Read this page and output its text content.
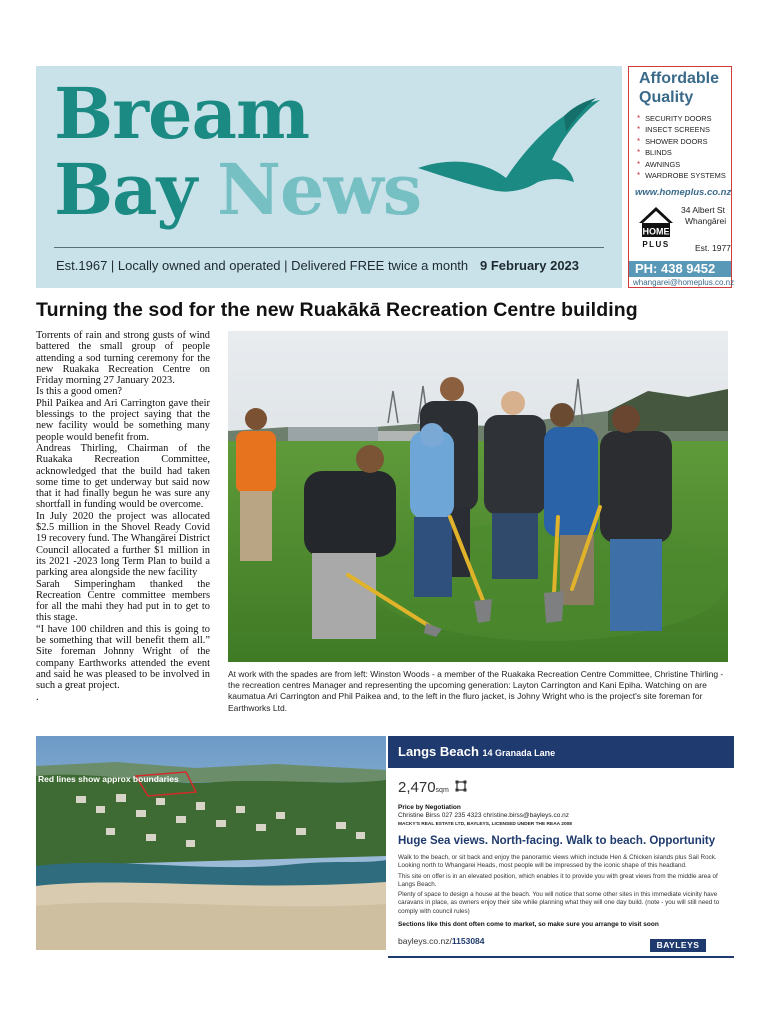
Bream
Bay News
Est.1967 | Locally owned and operated | Delivered FREE twice a month 9 February 2023
Affordable Quality
* SECURITY DOORS
* INSECT SCREENS
* SHOWER DOORS
* BLINDS
* AWNINGS
* WARDROBE SYSTEMS
www.homeplus.co.nz
HOME
PLUS
34 Albert St
Whangārei
Est. 1977
PH: 438 9452
whangarei@homeplus.co.nz
Turning the sod for the new Ruakākā Recreation Centre building

Torrents of rain and strong gusts of wind battered the small group of people attending a sod turning ceremony for the new Ruakaka Recreation Centre on Friday morning 27 January 2023.

Is this a good omen?

Phil Paikea and Ari Carrington gave their blessings to the project saying that the new facility would be something many people would benefit from.

Andreas Thirling, Chairman of the Ruakaka Recreation Committee, acknowledged that the build had taken some time to get underway but said now that it had finally begun he was sure any shortfall in funding would be overcome.

In July 2020 the project was allocated $2.5 million in the Shovel Ready Covid 19 recovery fund. The Whangārei District Council allocated a further $1 million in its 2021 -2023 long Term Plan to build a parking area alongside the new facility

Sarah Simperingham thanked the Recreation Centre committee members for all the mahi they had put in to get to this stage.

“I have 100 children and this is going to be something that will benefit them all.” Site foreman Johnny Wright of the company Earthworks attended the event and said he was pleased to be involved in such a great project.

.

At work with the spades are from left: Winston Woods - a member of the Ruakaka Recreation Centre Committee, Christine Thirling - the recreation centres Manager and representing the upcoming generation: Layton Carrington and Kani Epiha. Watching on are kaumatua Ari Carrington and Phil Paikea and, to the left in the fluro jacket, is Johny Wright who is the project's site foreman for Earthworks Ltd.
Red lines show approx boundaries
Langs Beach 14 Granada Lane
2,470sqm
Price by Negotiation
Christine Birss 027 235 4323 christine.birss@bayleys.co.nz
MACKY'S REAL ESTATE LTD, BAYLEYS, LICENSED UNDER THE REAA 2008
Huge Sea views. North-facing. Walk to beach. Opportunity

Walk to the beach, or sit back and enjoy the panoramic views which include Hen & Chicken islands plus Sail Rock. Looking north to Whangarei Heads, most people will be impressed by the iconic shape of this headland.

This site on offer is in an elevated position, which enables it to provide you with great views from the middle area of Langs Beach.

Plenty of space to design a house at the beach. You will notice that some other sites in this immediate vicinity have caravans in place, as owners enjoy their site while planning what they will one day build. (note - you will still need to comply with council rules)

Sections like this dont often come to market, so make sure you arrange to visit soon
bayleys.co.nz/1153084	BAYLEYS
